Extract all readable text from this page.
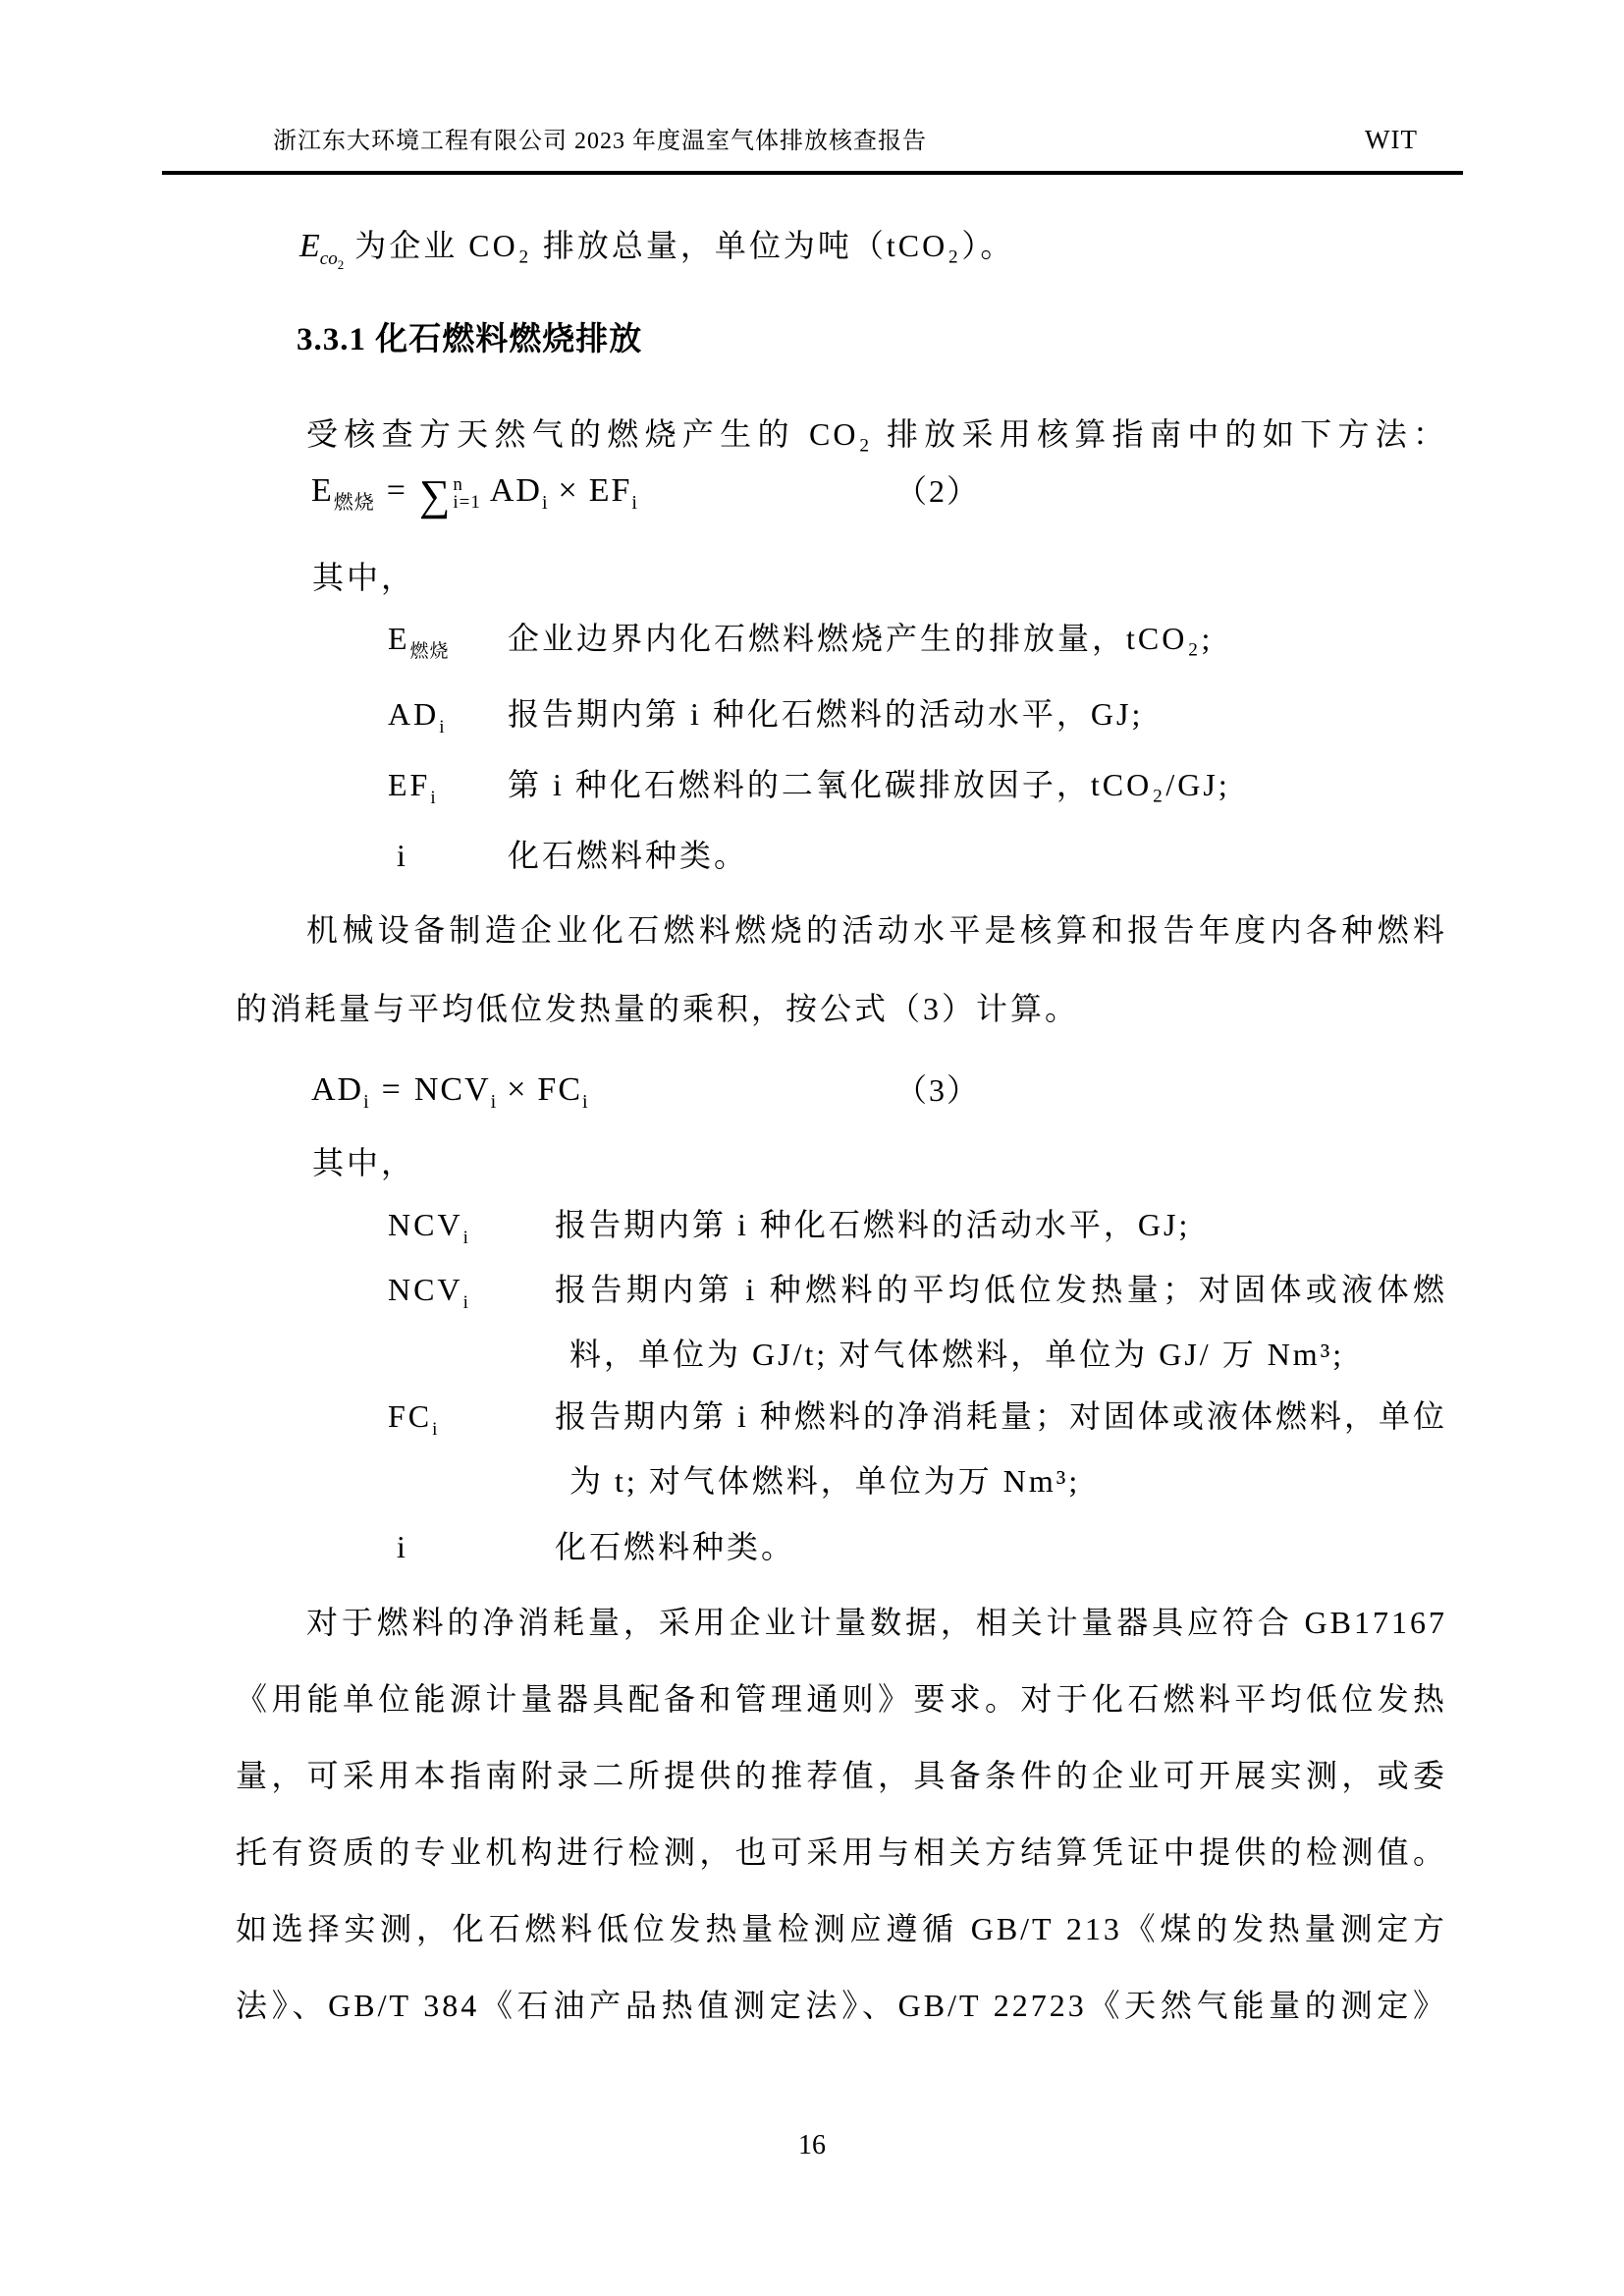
浙江东大环境工程有限公司 2023 年度温室气体排放核查报告	WIT
$E_{co_2}$ 为企业 CO₂ 排放总量，单位为吨（tCO₂）。
3.3.1 化石燃料燃烧排放
受核查方天然气的燃烧产生的 CO₂ 排放采用核算指南中的如下方法：
$E_{燃烧}$ = ∑ n
i=1 $AD_i \times EF_i$	（2）
其中，
$E_{燃烧}$ 企业边界内化石燃料燃烧产生的排放量，tCO₂;
$AD_i$ 报告期内第 i 种化石燃料的活动水平，GJ;
$EF_i$ 第 i 种化石燃料的二氧化碳排放因子，tCO₂/GJ;
i	化石燃料种类。
机械设备制造企业化石燃料燃烧的活动水平是核算和报告年度内各种燃料
的消耗量与平均低位发热量的乘积，按公式（3）计算。
$AD_i = NCV_i \times FC_i$	（3）
其中，
$NCV_i$	报告期内第 i 种化石燃料的活动水平，GJ;
$NCV_i$	报告期内第 i 种燃料的平均低位发热量；对固体或液体燃
料，单位为 GJ/t; 对气体燃料，单位为 GJ/ 万 Nm³;
$FC_i$	报告期内第 i 种燃料的净消耗量；对固体或液体燃料，单位
为 t; 对气体燃料，单位为万 Nm³;
i	化石燃料种类。
对于燃料的净消耗量，采用企业计量数据，相关计量器具应符合 GB17167
《用能单位能源计量器具配备和管理通则》要求。对于化石燃料平均低位发热
量，可采用本指南附录二所提供的推荐值，具备条件的企业可开展实测，或委
托有资质的专业机构进行检测，也可采用与相关方结算凭证中提供的检测值。
如选择实测，化石燃料低位发热量检测应遵循 GB/T 213《煤的发热量测定方
法》、GB/T 384《石油产品热值测定法》、GB/T 22723《天然气能量的测定》
16
